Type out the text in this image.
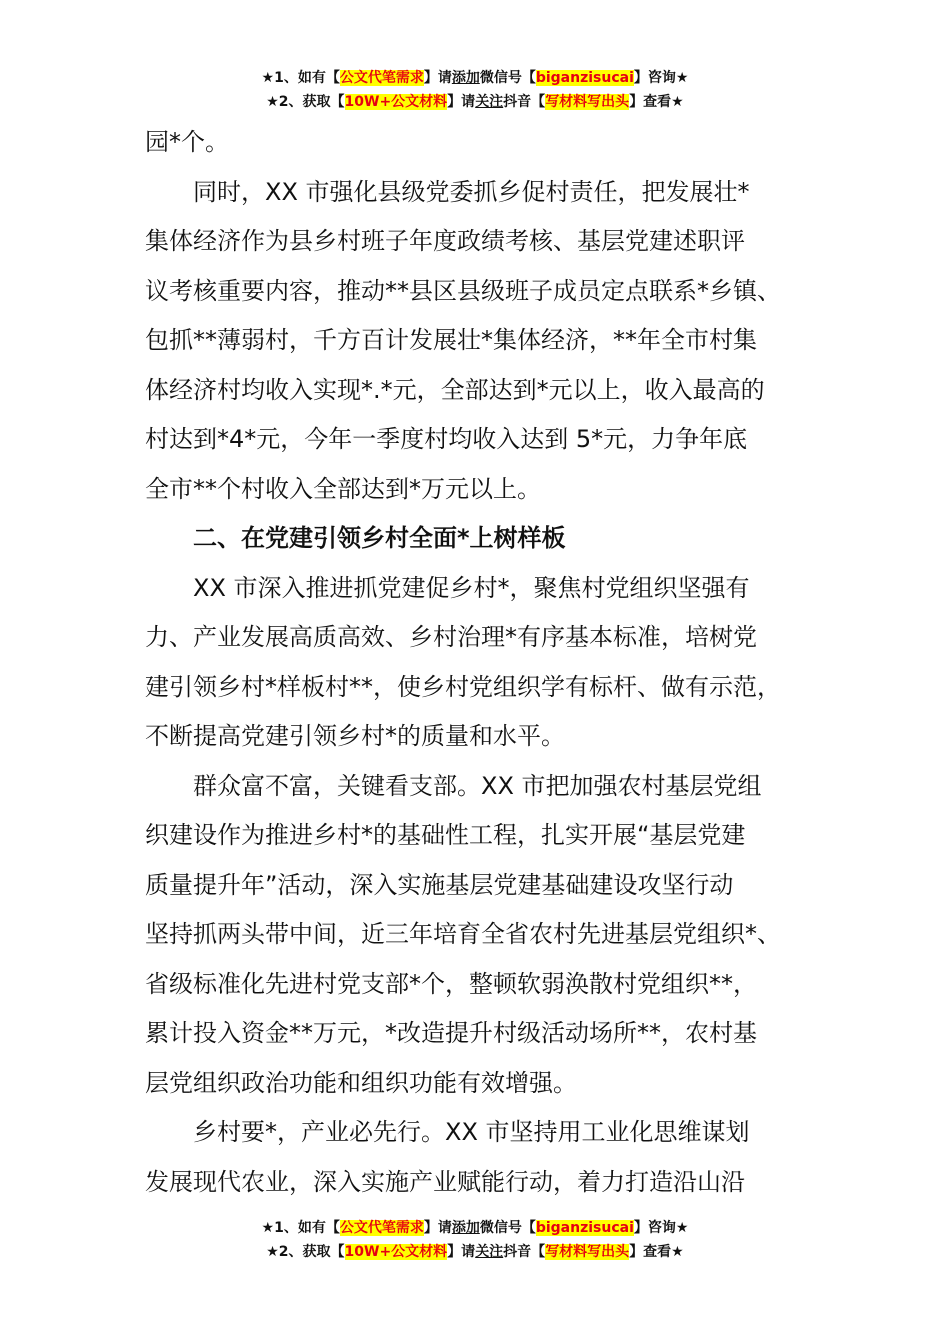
★1、如有【公文代笔需求】请添加微信号【biganzisucai】咨询★
★2、获取【10W+公文材料】请关注抖音【写材料写出头】查看★

园*个。

　　同时，XX 市强化县级党委抓乡促村责任，把发展壮*

集体经济作为县乡村班子年度政绩考核、基层党建述职评

议考核重要内容，推动**县区县级班子成员定点联系*乡镇、

包抓**薄弱村，千方百计发展壮*集体经济，**年全市村集

体经济村均收入实现*.*元，全部达到*元以上，收入最高的

村达到*4*元，今年一季度村均收入达到 5*元，力争年底

全市**个村收入全部达到*万元以上。

　　二、在党建引领乡村全面*上树样板

　　XX 市深入推进抓党建促乡村*，聚焦村党组织坚强有

力、产业发展高质高效、乡村治理*有序基本标准，培树党

建引领乡村*样板村**，使乡村党组织学有标杆、做有示范，

不断提高党建引领乡村*的质量和水平。

　　群众富不富，关键看支部。XX 市把加强农村基层党组

织建设作为推进乡村*的基础性工程，扎实开展“基层党建

质量提升年”活动，深入实施基层党建基础建设攻坚行动

坚持抓两头带中间，近三年培育全省农村先进基层党组织*、

省级标准化先进村党支部*个，整顿软弱涣散村党组织**，

累计投入资金**万元，*改造提升村级活动场所**，农村基

层党组织政治功能和组织功能有效增强。

　　乡村要*，产业必先行。XX 市坚持用工业化思维谋划

发展现代农业，深入实施产业赋能行动，着力打造沿山沿

★1、如有【公文代笔需求】请添加微信号【biganzisucai】咨询★
★2、获取【10W+公文材料】请关注抖音【写材料写出头】查看★
